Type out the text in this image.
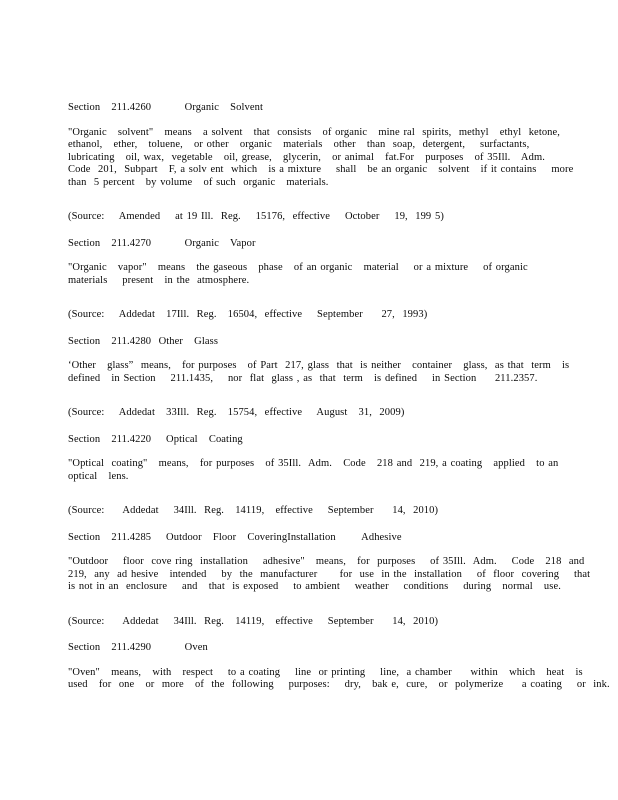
Section   211.4260         Organic   Solvent
"Organic   solvent"   means   a solvent   that  consists   of organic   mine ral  spirits,  methyl   ethyl  ketone,
ethanol,   ether,   toluene,   or other   organic   materials   other   than  soap,  detergent,    surfactants,
lubricating   oil, wax,  vegetable   oil, grease,   glycerin,   or animal   fat.For   purposes   of 35Ill.   Adm.
Code  201,  Subpart   F, a solv ent  which   is a mixture    shall   be an organic   solvent   if it contains    more
than  5 percent   by volume   of such  organic   materials.
(Source:    Amended    at 19 Ill.  Reg.    15176,  effective    October    19,  199 5)
Section   211.4270         Organic   Vapor
"Organic   vapor"   means   the gaseous   phase   of an organic   material    or a mixture    of organic
materials    present   in the  atmosphere.
(Source:    Addedat   17Ill.  Reg.   16504,  effective    September     27,  1993)
Section   211.4280  Other   Glass
‘Other   glass”  means,   for purposes   of Part  217, glass  that  is neither   container   glass,  as that  term   is
defined   in Section    211.1435,    nor  flat  glass , as  that  term   is defined    in Section     211.2357.
(Source:    Addedat   33Ill.  Reg.   15754,  effective    August   31,  2009)
Section   211.4220    Optical   Coating
"Optical  coating"   means,   for purposes   of 35Ill.  Adm.   Code   218 and  219, a coating   applied   to an
optical   lens.
(Source:     Addedat    34Ill.  Reg.   14119,   effective    September     14,  2010)
Section   211.4285    Outdoor   Floor   CoveringInstallation       Adhesive
"Outdoor    floor  cove ring  installation    adhesive"   means,   for  purposes    of 35Ill.  Adm.    Code   218  and
219,  any  ad hesive   intended    by  the  manufacturer      for  use  in the  installation    of  floor  covering    that
is not in an  enclosure    and   that  is exposed    to ambient    weather    conditions    during   normal   use.
(Source:     Addedat    34Ill.  Reg.   14119,   effective    September     14,  2010)
Section   211.4290         Oven
"Oven"   means,   with   respect    to a coating    line  or printing    line,  a chamber     within   which   heat   is
used   for  one   or  more   of  the  following    purposes:    dry,   bak e,  cure,   or  polymerize     a coating    or  ink.
